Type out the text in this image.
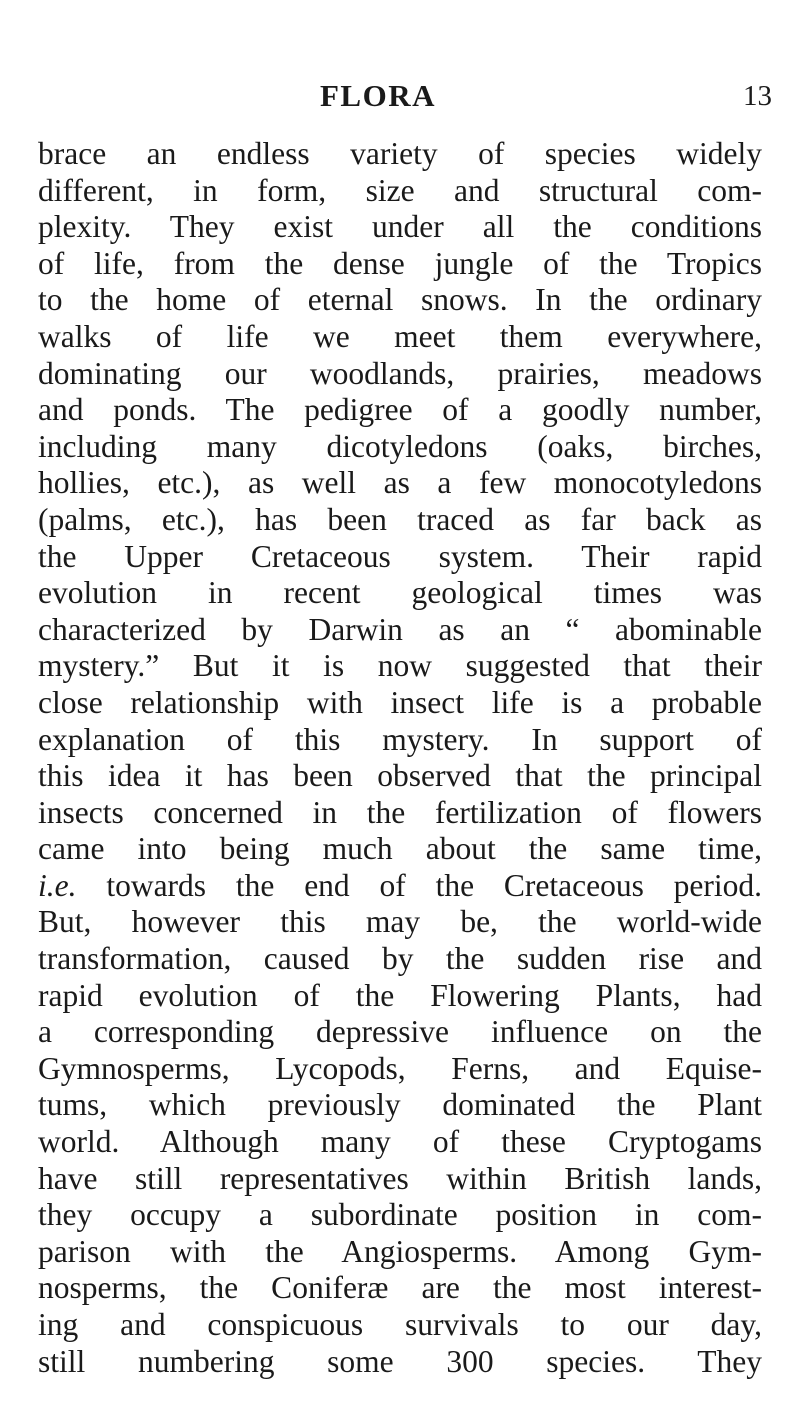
FLORA	13
brace an endless variety of species widely
different, in form, size and structural com-
plexity. They exist under all the conditions
of life, from the dense jungle of the Tropics
to the home of eternal snows. In the ordinary
walks of life we meet them everywhere,
dominating our woodlands, prairies, meadows
and ponds. The pedigree of a goodly number,
including many dicotyledons (oaks, birches,
hollies, etc.), as well as a few monocotyledons
(palms, etc.), has been traced as far back as
the Upper Cretaceous system. Their rapid
evolution in recent geological times was
characterized by Darwin as an “ abominable
mystery.” But it is now suggested that their
close relationship with insect life is a probable
explanation of this mystery. In support of
this idea it has been observed that the principal
insects concerned in the fertilization of flowers
came into being much about the same time,
i.e. towards the end of the Cretaceous period.
But, however this may be, the world-wide
transformation, caused by the sudden rise and
rapid evolution of the Flowering Plants, had
a corresponding depressive influence on the
Gymnosperms, Lycopods, Ferns, and Equise-
tums, which previously dominated the Plant
world. Although many of these Cryptogams
have still representatives within British lands,
they occupy a subordinate position in com-
parison with the Angiosperms. Among Gym-
nosperms, the Coniferæ are the most interest-
ing and conspicuous survivals to our day,
still numbering some 300 species. They
